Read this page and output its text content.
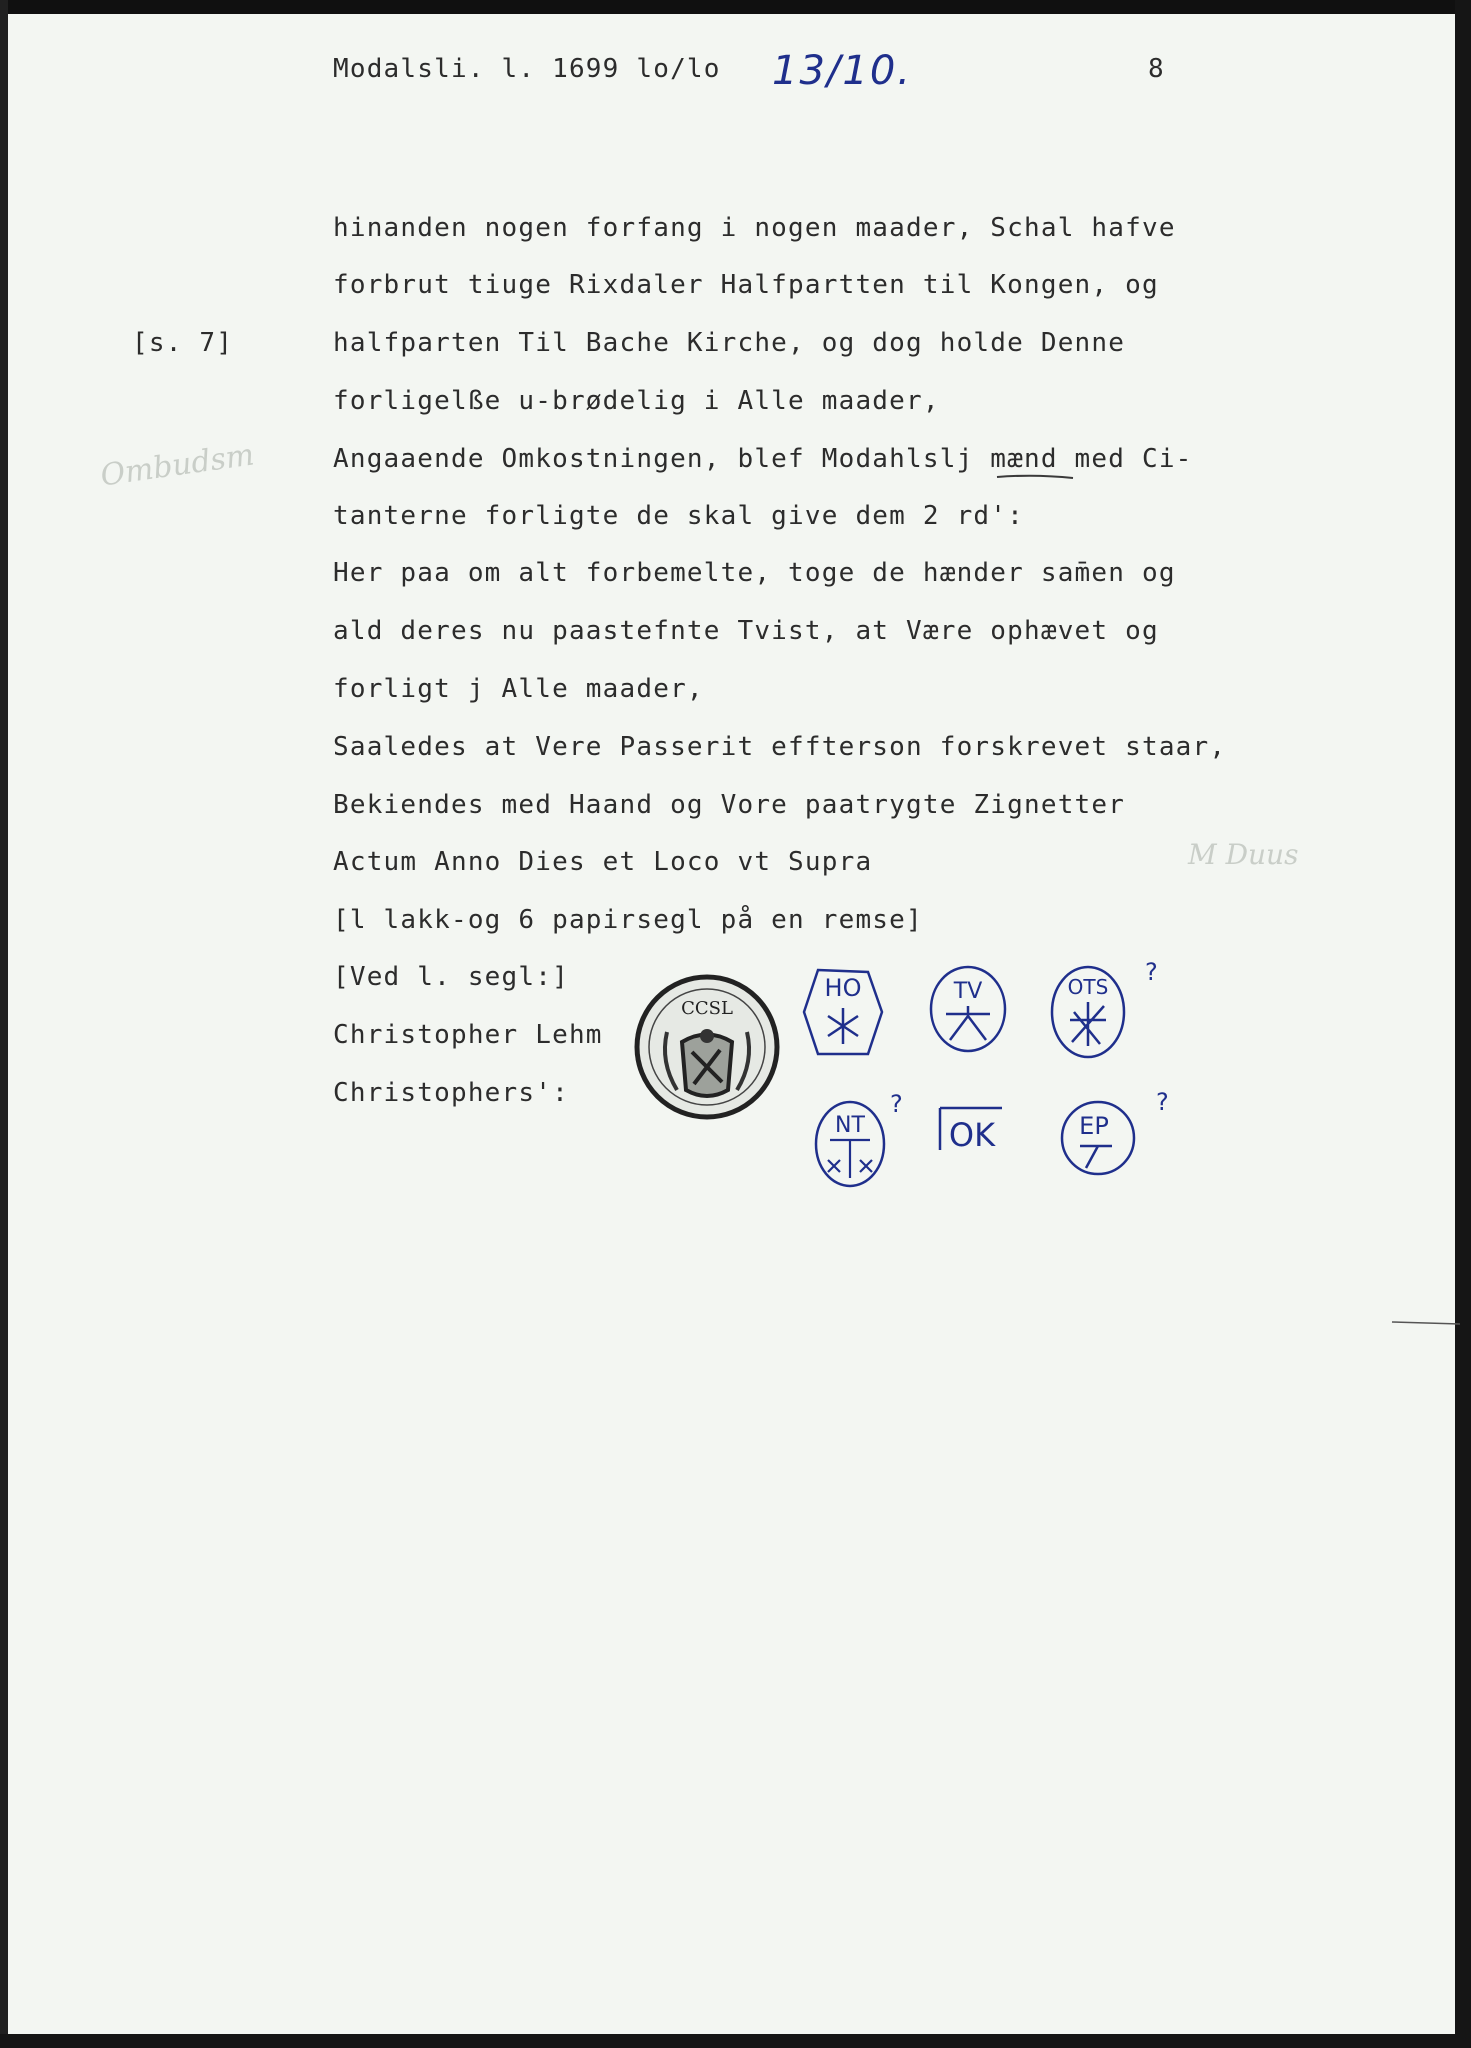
Modalsli. l. 1699 lo/lo 13/10.	8
[s. 7]
Ombudsm
M Duus
hinanden nogen forfang i nogen maader, Schal hafve
forbrut tiuge Rixdaler Halfpartten til Kongen, og
halfparten Til Bache Kirche, og dog holde Denne
forligelße u-brødelig i Alle maader,
Angaaende Omkostningen, blef Modahlslj mænd med Ci-
tanterne forligte de skal give dem 2 rd':
Her paa om alt forbemelte, toge de hænder sam̄en og
ald deres nu paastefnte Tvist, at Være ophævet og
forligt j Alle maader,
Saaledes at Vere Passerit effterson forskrevet staar,
Bekiendes med Haand og Vore paatrygte Zignetter
Actum Anno Dies et Loco vt Supra
[l lakk-og 6 papirsegl på en remse]
[Ved l. segl:]
Christopher Lehm
Christophers':
CCSL
HO	TV	OTS
?
NT
?
OK	EP
?
